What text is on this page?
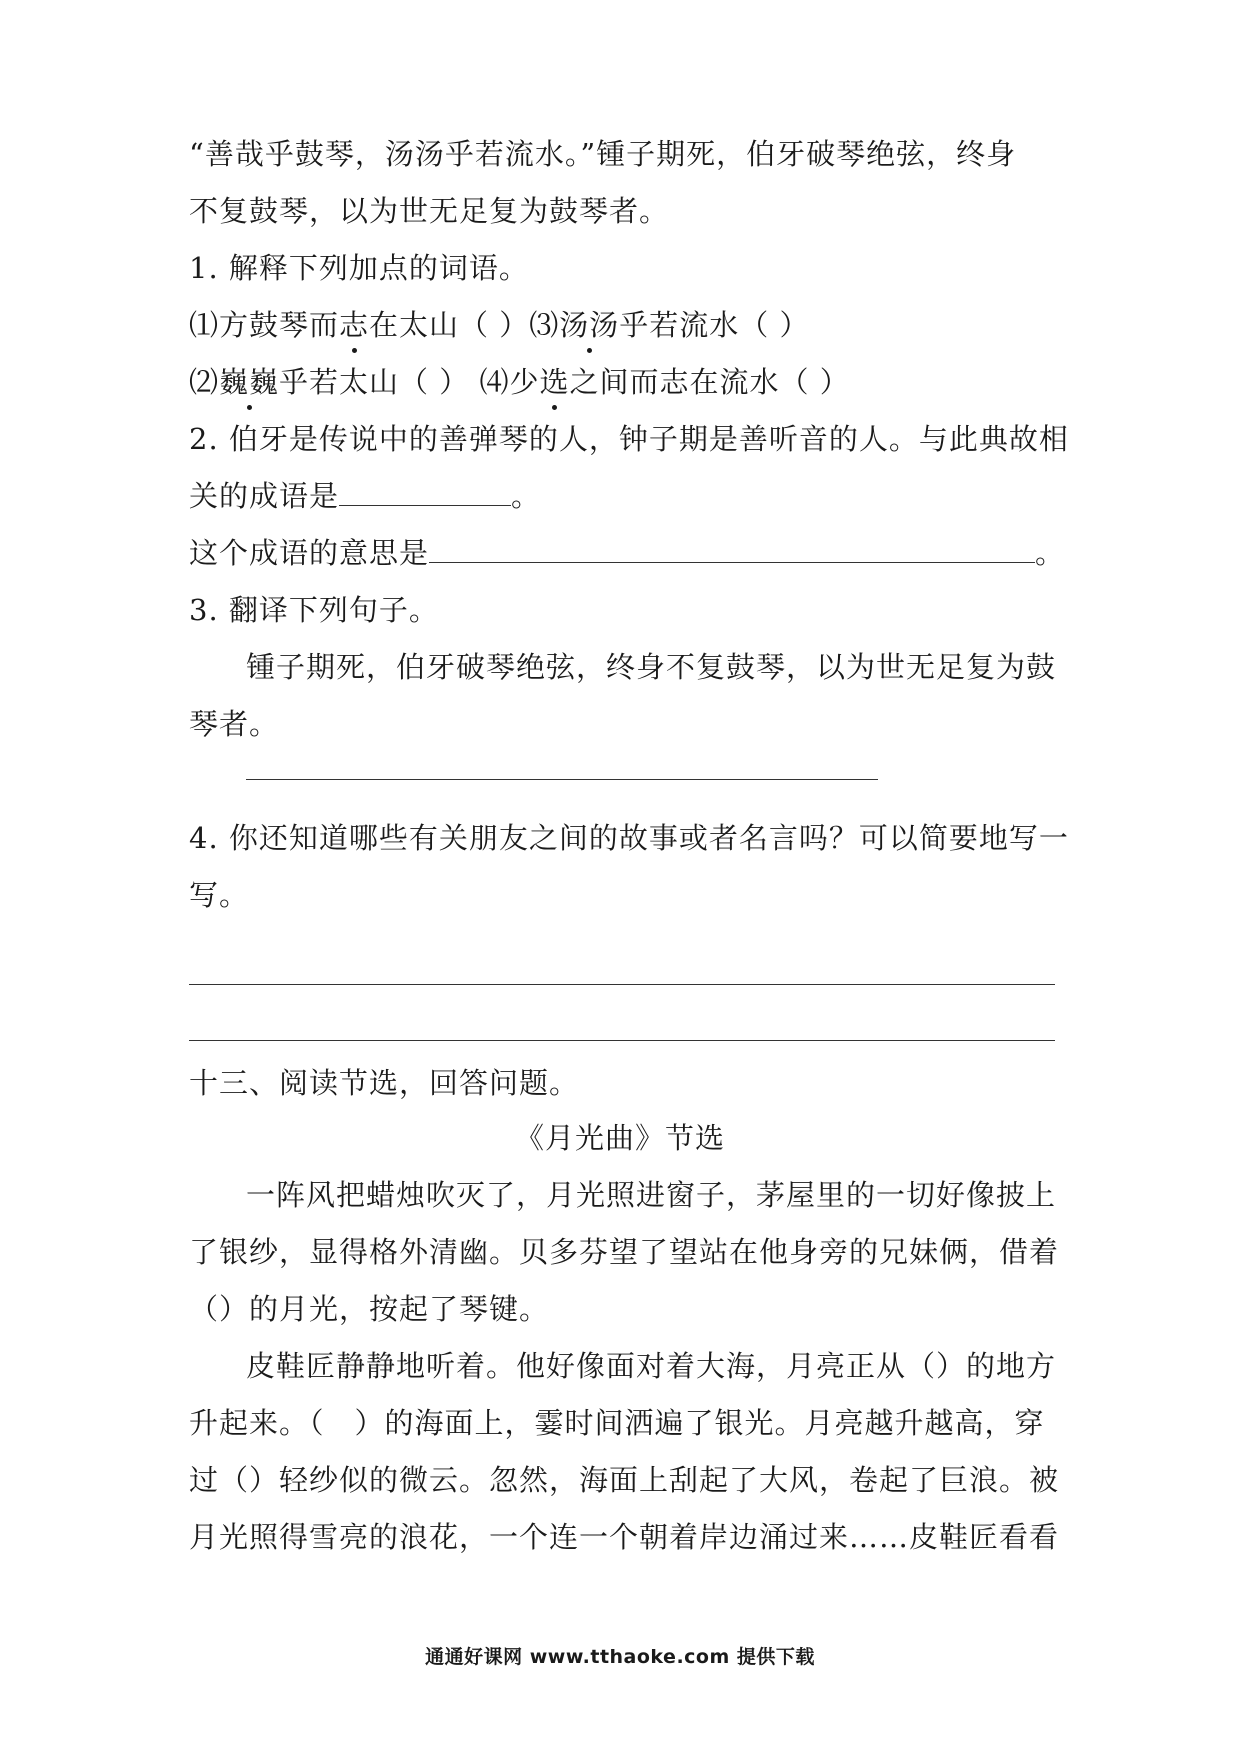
“善哉乎鼓琴，汤汤乎若流水。”锺子期死，伯牙破琴绝弦，终身
不复鼓琴，以为世无足复为鼓琴者。
1. 解释下列加点的词语。
⑴方鼓琴而志在太山（ ）⑶汤汤乎若流水（ ）
⑵巍巍乎若太山（ ） ⑷少选之间而志在流水（ ）
2. 伯牙是传说中的善弹琴的人，钟子期是善听音的人。与此典故相
关的成语是	。
这个成语的意思是	。
3. 翻译下列句子。
锺子期死，伯牙破琴绝弦，终身不复鼓琴，以为世无足复为鼓
琴者。
4. 你还知道哪些有关朋友之间的故事或者名言吗？可以简要地写一
写。
十三、阅读节选，回答问题。
《月光曲》节选
一阵风把蜡烛吹灭了，月光照进窗子，茅屋里的一切好像披上
了银纱，显得格外清幽。贝多芬望了望站在他身旁的兄妹俩，借着
（）的月光，按起了琴键。
皮鞋匠静静地听着。他好像面对着大海，月亮正从（）的地方
升起来。（　）的海面上，霎时间洒遍了银光。月亮越升越高，穿
过（）轻纱似的微云。忽然，海面上刮起了大风，卷起了巨浪。被
月光照得雪亮的浪花，一个连一个朝着岸边涌过来……皮鞋匠看看
通通好课网 www.tthaoke.com 提供下载
